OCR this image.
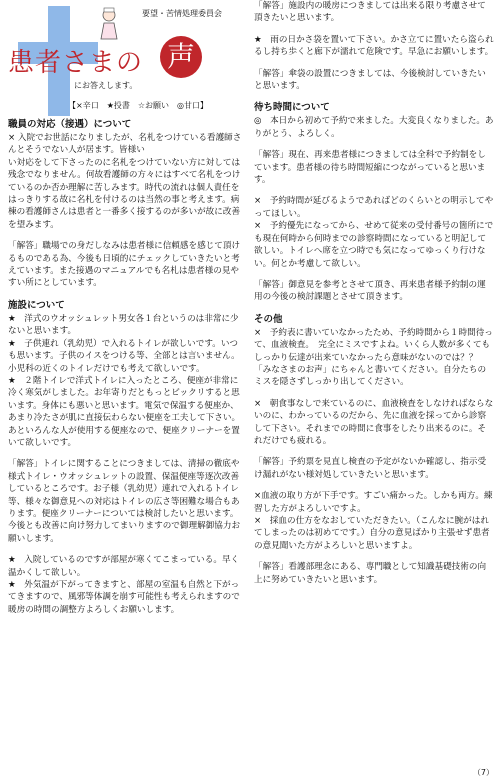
要望・苦情処理委員会
患者さまの 声
にお答えします。
【×辛口　★投書　☆お願い　◎甘口】
職員の対応（接遇）について
× 入院でお世話になりましたが、名札をつけている看護師さんとそうでない人が居ます。皆様い
い対応をして下さったのに名札をつけていない方に対しては残念でなりません。何故看護師の方々にはすべて名札をつけているのか否か理解に苦しみます。時代の流れは個人責任をはっきりする故に名札を付けるのは当然の事と考えます。病棟の看護師さんは患者と一番多く接するのが多いが故に改善を望みます。
「解答」職場での身だしなみは患者様に信頼感を感じて頂けるものである為、今後も日頃的にチェックしていきたいと考えています。また接遇のマニュアルでも名札は患者様の見やすい所にとしています。
施設について
★　洋式のウオッシュレット男女各１台というのは非常に少ないと思います。
★　子供連れ（乳幼児）で入れるトイレが欲しいです。いつも思います。子供のイスをつける等、全部とは言いません。小児科の近くのトイレだけでも考えて欲しいです。
★　２階トイレで洋式トイレに入ったところ、便座が非常に冷く寒気がしました。お年寄りだともっとビックリすると思います。身体にも悪いと思います。電気で保温する便座か、あまり冷たさが肌に直接伝わらない便座を工夫して下さい。あといろんな人が使用する便座なので、便座クリーナーを置いて欲しいです。
「解答」トイレに関することにつきましては、清掃の徹底や様式トイレ・ウオッシュレットの設置、保温便座等逐次改善しているところです。お子様（乳幼児）連れで入れるトイレ等、様々な御意見への対応はトイレの広さ等困難な場合もあります。便座クリーナーについては検討したいと思います。今後とも改善に向け努力してまいりますので御理解御協力お願いします。
★　入院しているのですが部屋が寒くてこまっている。早く温かくして欲しい。
★　外気温が下がってきますと、部屋の室温も自然と下がってきますので、風邪等体調を崩す可能性も考えられますので暖房の時間の調整方よろしくお願いします。
「解答」施設内の暖房につきましては出来る限り考慮させて頂きたいと思います。
★　雨の日かさ袋を置いて下さい。かさ立てに置いたら盗られるし持ち歩くと廊下が濡れて危険です。早急にお願いします。
「解答」傘袋の設置につきましては、今後検討していきたいと思います。
待ち時間について
◎　本日から初めて予約で来ました。大変良くなりました。ありがとう、よろしく。
「解答」現在、再来患者様につきましては全科で予約制をしています。患者様の待ち時間短縮につながっていると思います。
×　予約時間が延びるようであればどのくらいとの明示してやってほしい。
×　予約優先になってから、せめて従来の受付番号の箇所にでも現在何時から何時までの診察時間になっていると明記して欲しい。トイレへ席を立つ時でも気になってゆっくり行けない。何とか考慮して欲しい。
「解答」御意見を参考とさせて頂き、再来患者様予約制の運用の今後の検討課題とさせて頂きます。
その他
×　予約表に書いていなかったため、予約時間から１時間待って、血液検査。　完全にミスですよね。いくら人数が多くてもしっかり伝達が出来ていなかったら意味がないのでは？？「みなさまのお声」にちゃんと書いてください。自分たちのミスを隠さずしっかり出してください。
×　朝食事なしで来ているのに、血液検査をしなければならないのに、わかっているのだから、先に血液を採ってから診察して下さい。それまでの時間に食事をしたり出来るのに。それだけでも疲れる。
「解答」予約票を見直し検査の予定がないか確認し、指示受け漏れがない様対処していきたいと思います。
×血液の取り方が下手です。すごい痛かった。しかも両方。練習した方がよろしいですよ。
×　採血の仕方をなおしていただきたい。（こんなに腕がはれてしまったのは初めてです。）自分の意見ばかり主張せず患者の意見聞いた方がよろしいと思いますよ。
「解答」看護部理念にある、専門職として知識基礎技術の向上に努めていきたいと思います。
（7）
